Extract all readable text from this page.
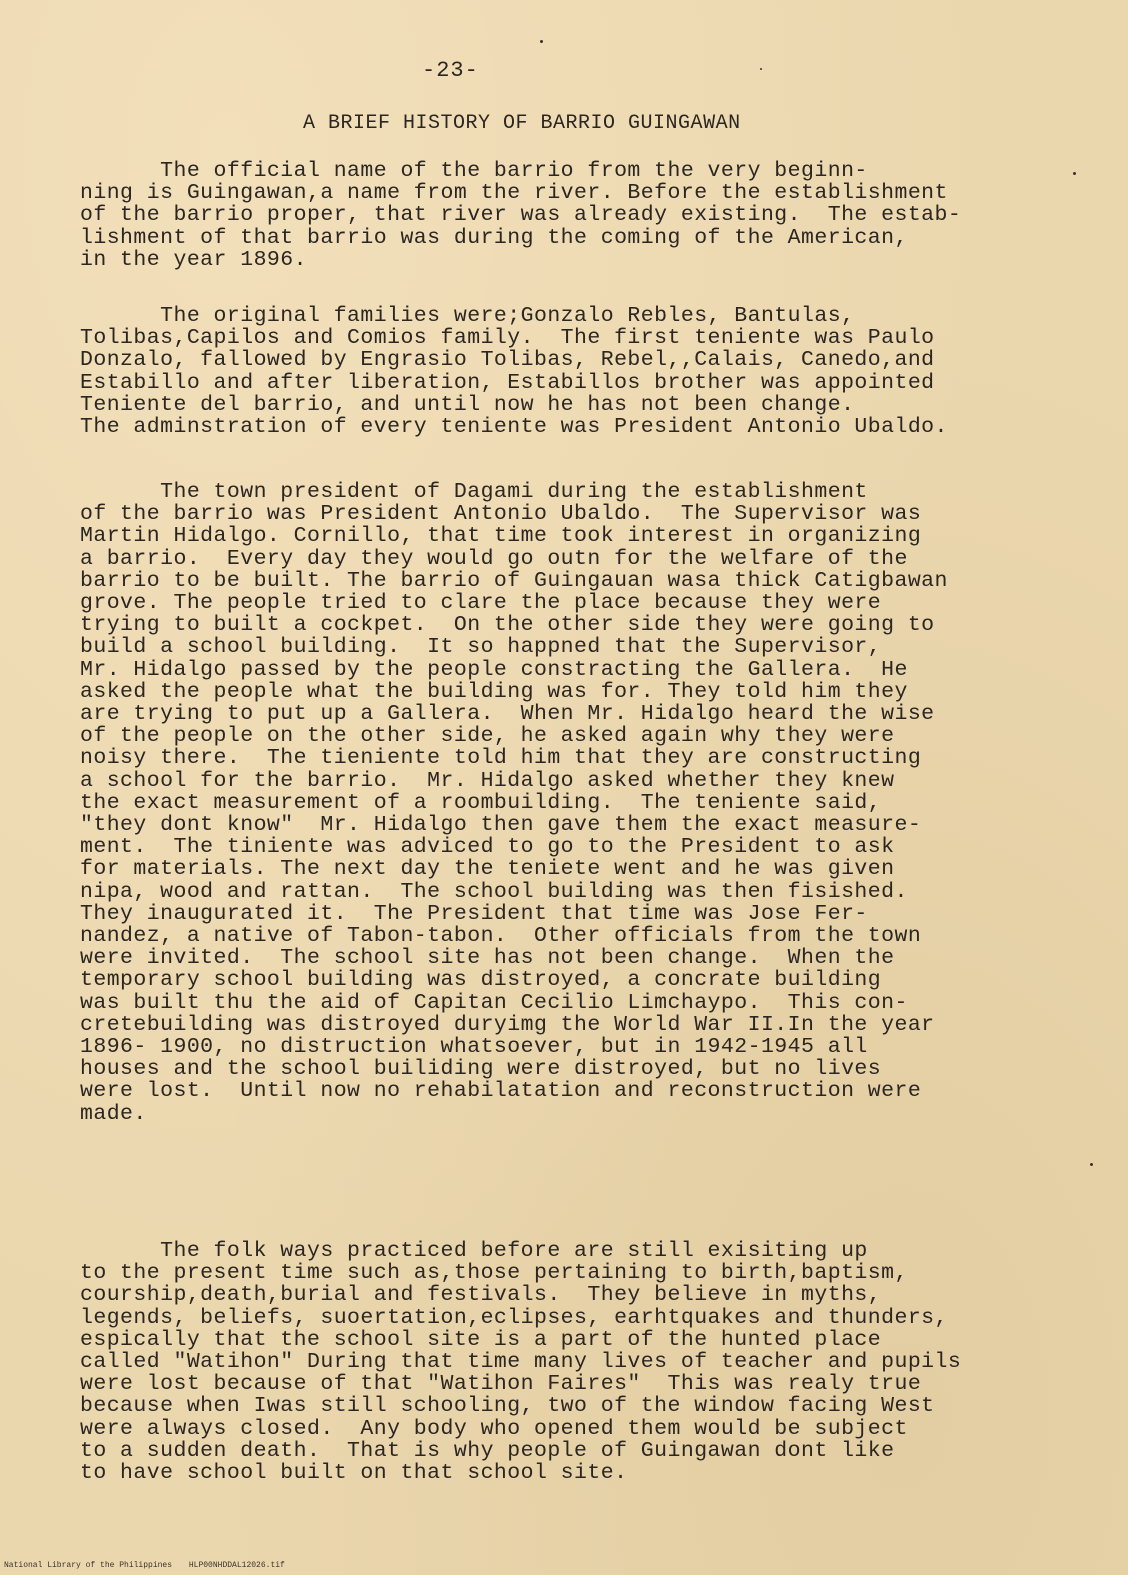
-23-
A BRIEF HISTORY OF BARRIO GUINGAWAN
The official name of the barrio from the very beginn-
ning is Guingawan,a name from the river. Before the establishment
of the barrio proper, that river was already existing.  The estab-
lishment of that barrio was during the coming of the American,
in the year 1896.
The original families were;Gonzalo Rebles, Bantulas,
Tolibas,Capilos and Comios family.  The first teniente was Paulo
Donzalo, fallowed by Engrasio Tolibas, Rebel,,Calais, Canedo,and
Estabillo and after liberation, Estabillos brother was appointed
Teniente del barrio, and until now he has not been change.
The adminstration of every teniente was President Antonio Ubaldo.
The town president of Dagami during the establishment
of the barrio was President Antonio Ubaldo.  The Supervisor was
Martin Hidalgo. Cornillo, that time took interest in organizing
a barrio.  Every day they would go outn for the welfare of the
barrio to be built. The barrio of Guingauan wasa thick Catigbawan
grove. The people tried to clare the place because they were
trying to built a cockpet.  On the other side they were going to
build a school building.  It so happned that the Supervisor,
Mr. Hidalgo passed by the people constracting the Gallera.  He
asked the people what the building was for. They told him they
are trying to put up a Gallera.  When Mr. Hidalgo heard the wise
of the people on the other side, he asked again why they were
noisy there.  The tieniente told him that they are constructing
a school for the barrio.  Mr. Hidalgo asked whether they knew
the exact measurement of a roombuilding.  The teniente said,
"they dont know"  Mr. Hidalgo then gave them the exact measure-
ment.  The tiniente was adviced to go to the President to ask
for materials. The next day the teniete went and he was given
nipa, wood and rattan.  The school building was then fisished.
They inaugurated it.  The President that time was Jose Fer-
nandez, a native of Tabon-tabon.  Other officials from the town
were invited.  The school site has not been change.  When the
temporary school building was distroyed, a concrate building
was built thu the aid of Capitan Cecilio Limchaypo.  This con-
cretebuilding was distroyed duryimg the World War II.In the year
1896- 1900, no distruction whatsoever, but in 1942-1945 all
houses and the school builiding were distroyed, but no lives
were lost.  Until now no rehabilatation and reconstruction were
made.
The folk ways practiced before are still exisiting up
to the present time such as,those pertaining to birth,baptism,
courship,death,burial and festivals.  They believe in myths,
legends, beliefs, suoertation,eclipses, earhtquakes and thunders,
espically that the school site is a part of the hunted place
called "Watihon" During that time many lives of teacher and pupils
were lost because of that "Watihon Faires"  This was realy true
because when Iwas still schooling, two of the window facing West
were always closed.  Any body who opened them would be subject
to a sudden death.  That is why people of Guingawan dont like
to have school built on that school site.
National Library of the Philippines HLP00NHDDAL12026.tif
